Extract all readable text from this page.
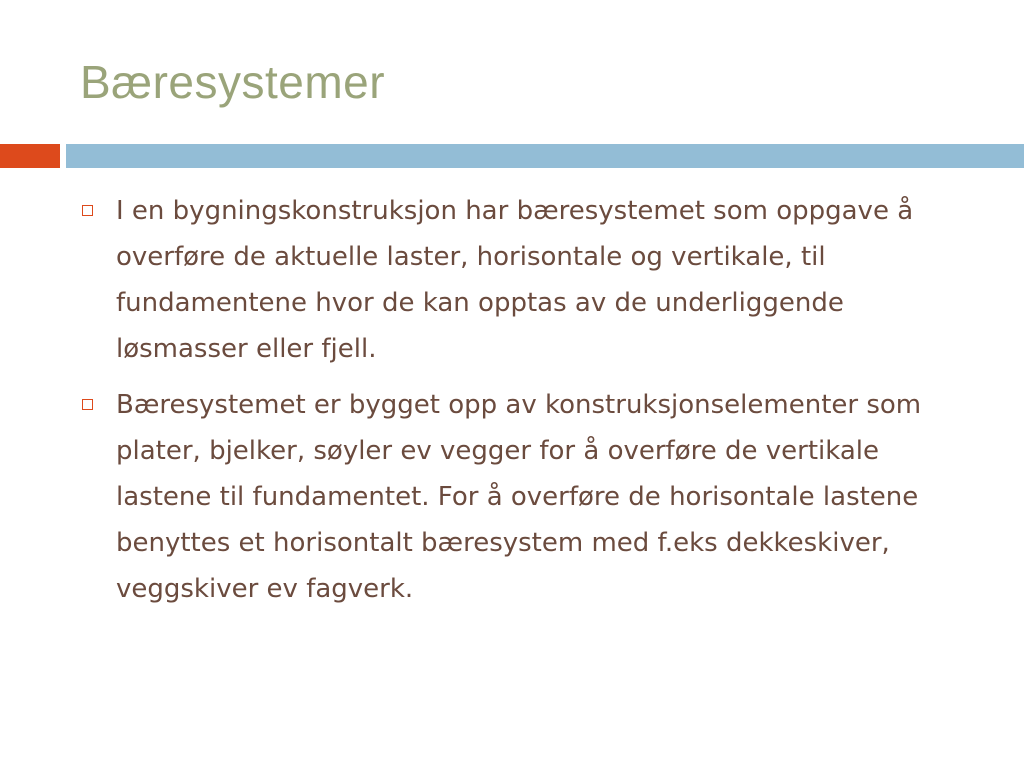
Bæresystemer
I en bygningskonstruksjon har bæresystemet som oppgave å overføre de aktuelle laster, horisontale og vertikale, til fundamentene hvor de kan opptas av de underliggende løsmasser eller fjell.
Bæresystemet er bygget opp av konstruksjonselementer som plater, bjelker, søyler ev vegger for å overføre de vertikale lastene til fundamentet. For å overføre de horisontale lastene benyttes et horisontalt bæresystem med f.eks dekkeskiver, veggskiver ev fagverk.
